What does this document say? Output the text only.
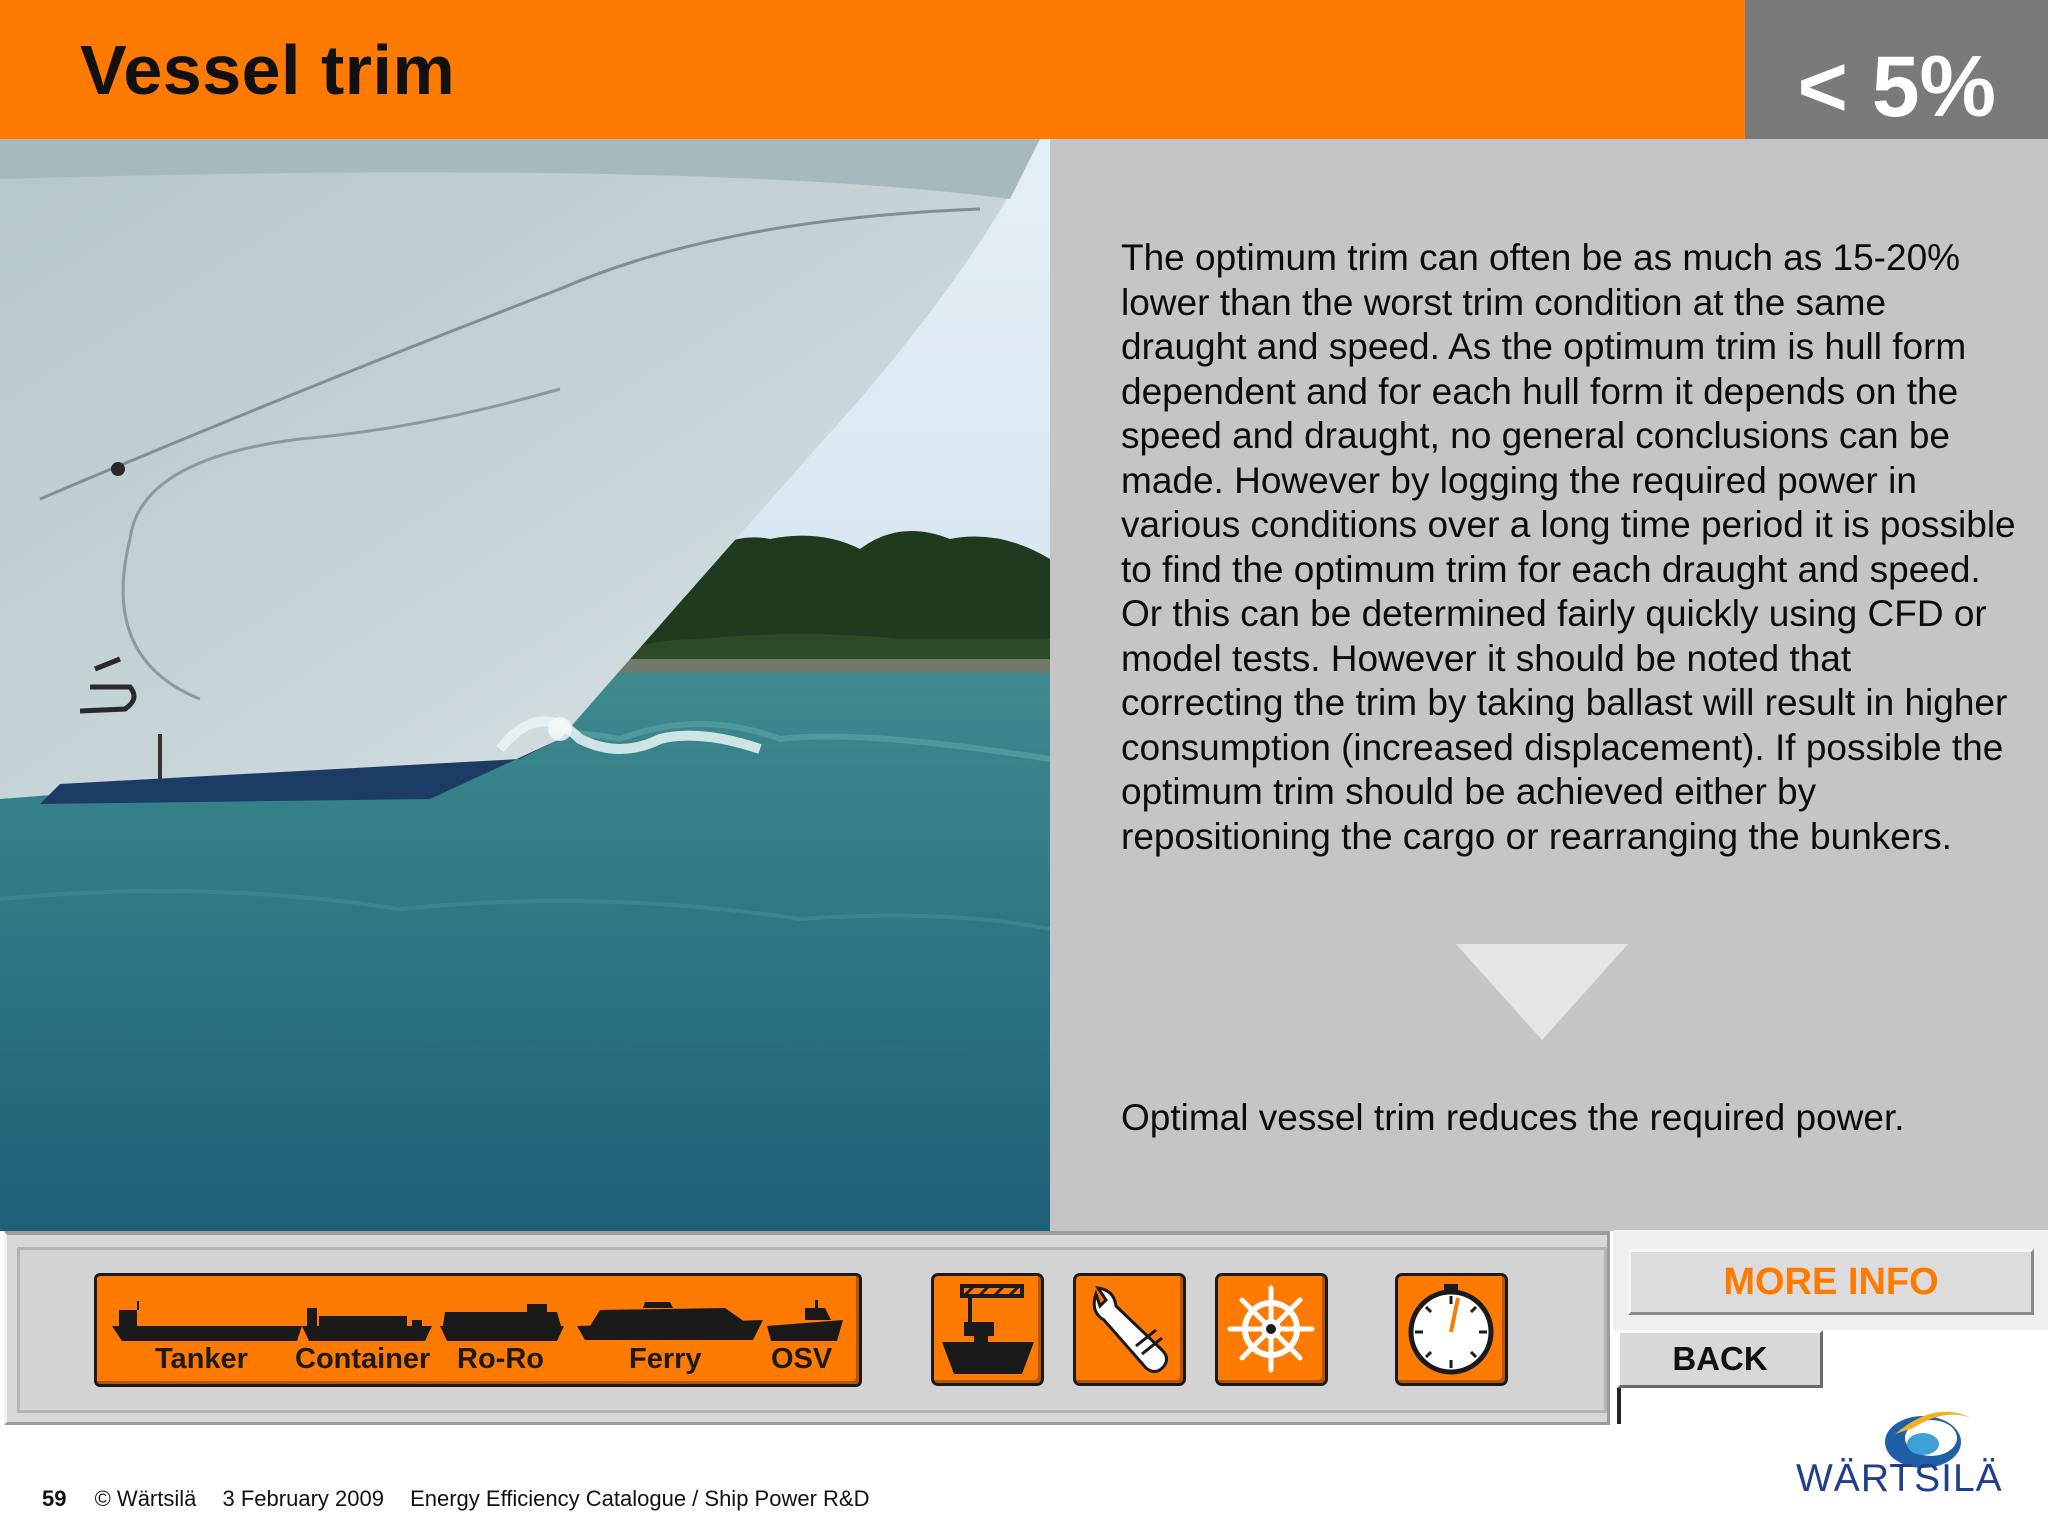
Vessel trim	< 5%

The optimum trim can often be as much as 15-20% lower than the worst trim condition at the same draught and speed. As the optimum trim is hull form dependent and for each hull form it depends on the speed and draught, no general conclusions can be made. However by logging the required power in various conditions over a long time period it is possible to find the optimum trim for each draught and speed.

Or this can be determined fairly quickly using CFD or model tests. However it should be noted that correcting the trim by taking ballast will result in higher consumption (increased displacement). If possible the optimum trim should be achieved either by repositioning the cargo or rearranging the bunkers.

Optimal vessel trim reduces the required power.
Tanker Container Ro-Ro	Ferry OSV
MORE INFO
BACK
59 © Wärtsilä 3 February 2009 Energy Efficiency Catalogue / Ship Power R&D	WÄRTSILÄ
